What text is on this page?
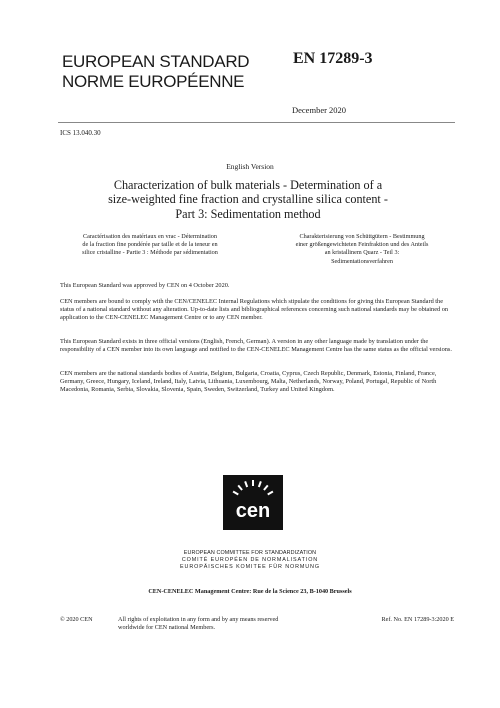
EUROPEAN STANDARD
NORME EUROPÉENNE
EN 17289-3
December 2020
ICS 13.040.30
English Version
Characterization of bulk materials - Determination of a
size-weighted fine fraction and crystalline silica content -
Part 3: Sedimentation method
Caractérisation des matériaux en vrac - Détermination
de la fraction fine pondérée par taille et de la teneur en
silice cristalline - Partie 3 : Méthode par sédimentation
Charakterisierung von Schüttgütern - Bestimmung
einer größengewichteten Feinfraktion und des Anteils
an kristallinem Quarz - Teil 3:
Sedimentationsverfahren
This European Standard was approved by CEN on 4 October 2020.
CEN members are bound to comply with the CEN/CENELEC Internal Regulations which stipulate the conditions for giving this European Standard the status of a national standard without any alteration. Up-to-date lists and bibliographical references concerning such national standards may be obtained on application to the CEN-CENELEC Management Centre or to any CEN member.
This European Standard exists in three official versions (English, French, German). A version in any other language made by translation under the responsibility of a CEN member into its own language and notified to the CEN-CENELEC Management Centre has the same status as the official versions.
CEN members are the national standards bodies of Austria, Belgium, Bulgaria, Croatia, Cyprus, Czech Republic, Denmark, Estonia, Finland, France, Germany, Greece, Hungary, Iceland, Ireland, Italy, Latvia, Lithuania, Luxembourg, Malta, Netherlands, Norway, Poland, Portugal, Republic of North Macedonia, Romania, Serbia, Slovakia, Slovenia, Spain, Sweden, Switzerland, Turkey and United Kingdom.
cen
EUROPEAN COMMITTEE FOR STANDARDIZATION
COMITÉ EUROPÉEN DE NORMALISATION
EUROPÄISCHES KOMITEE FÜR NORMUNG
CEN-CENELEC Management Centre: Rue de la Science 23, B-1040 Brussels
© 2020 CEN	All rights of exploitation in any form and by any means reserved
worldwide for CEN national Members.
Ref. No. EN 17289-3:2020 E
